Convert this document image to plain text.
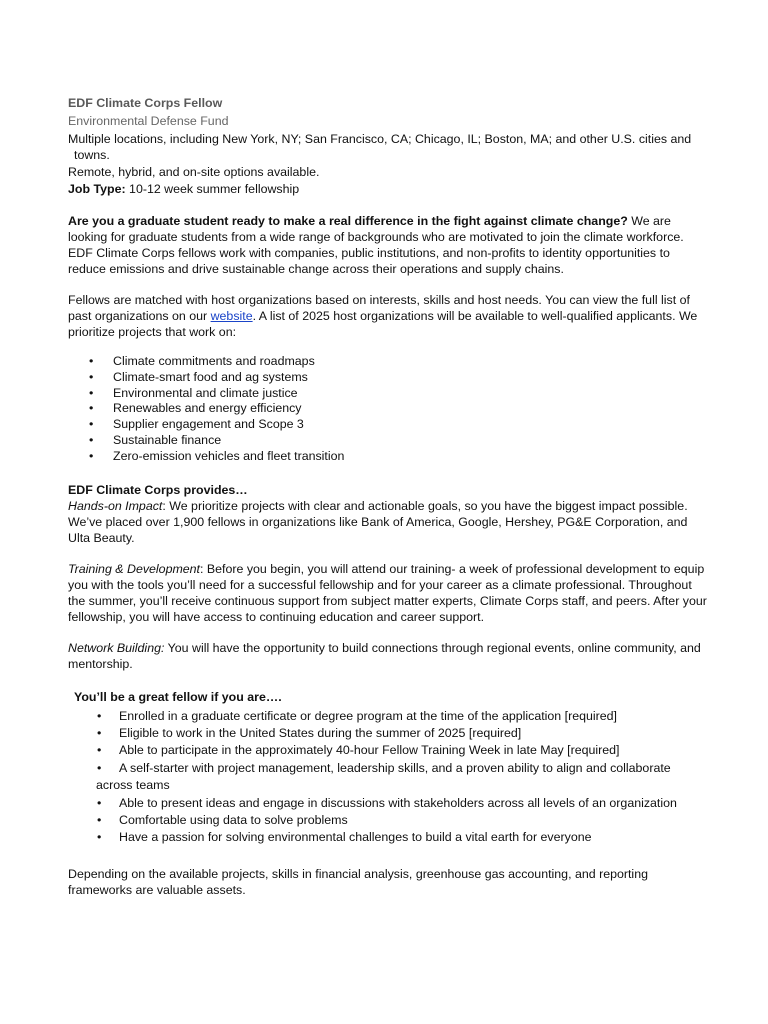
EDF Climate Corps Fellow

Environmental Defense Fund

Multiple locations, including New York, NY; San Francisco, CA; Chicago, IL; Boston, MA; and other U.S. cities and
towns.

Remote, hybrid, and on-site options available.

Job Type: 10-12 week summer fellowship

Are you a graduate student ready to make a real difference in the fight against climate change? We are looking for graduate students from a wide range of backgrounds who are motivated to join the climate workforce. EDF Climate Corps fellows work with companies, public institutions, and non-profits to identity opportunities to reduce emissions and drive sustainable change across their operations and supply chains.

Fellows are matched with host organizations based on interests, skills and host needs. You can view the full list of past organizations on our website. A list of 2025 host organizations will be available to well-qualified applicants. We prioritize projects that work on:

• Climate commitments and roadmaps
• Climate-smart food and ag systems
• Environmental and climate justice
• Renewables and energy efficiency
• Supplier engagement and Scope 3
• Sustainable finance
• Zero-emission vehicles and fleet transition

EDF Climate Corps provides…

Hands-on Impact: We prioritize projects with clear and actionable goals, so you have the biggest impact possible. We’ve placed over 1,900 fellows in organizations like Bank of America, Google, Hershey, PG&E Corporation, and Ulta Beauty.

Training & Development: Before you begin, you will attend our training- a week of professional development to equip you with the tools you’ll need for a successful fellowship and for your career as a climate professional. Throughout the summer, you’ll receive continuous support from subject matter experts, Climate Corps staff, and peers. After your fellowship, you will have access to continuing education and career support.

Network Building: You will have the opportunity to build connections through regional events, online community, and mentorship.

You’ll be a great fellow if you are….

• Enrolled in a graduate certificate or degree program at the time of the application [required]
• Eligible to work in the United States during the summer of 2025 [required]
• Able to participate in the approximately 40-hour Fellow Training Week in late May [required]
• A self-starter with project management, leadership skills, and a proven ability to align and collaborate
across teams
• Able to present ideas and engage in discussions with stakeholders across all levels of an organization
• Comfortable using data to solve problems
• Have a passion for solving environmental challenges to build a vital earth for everyone

Depending on the available projects, skills in financial analysis, greenhouse gas accounting, and reporting frameworks are valuable assets.
